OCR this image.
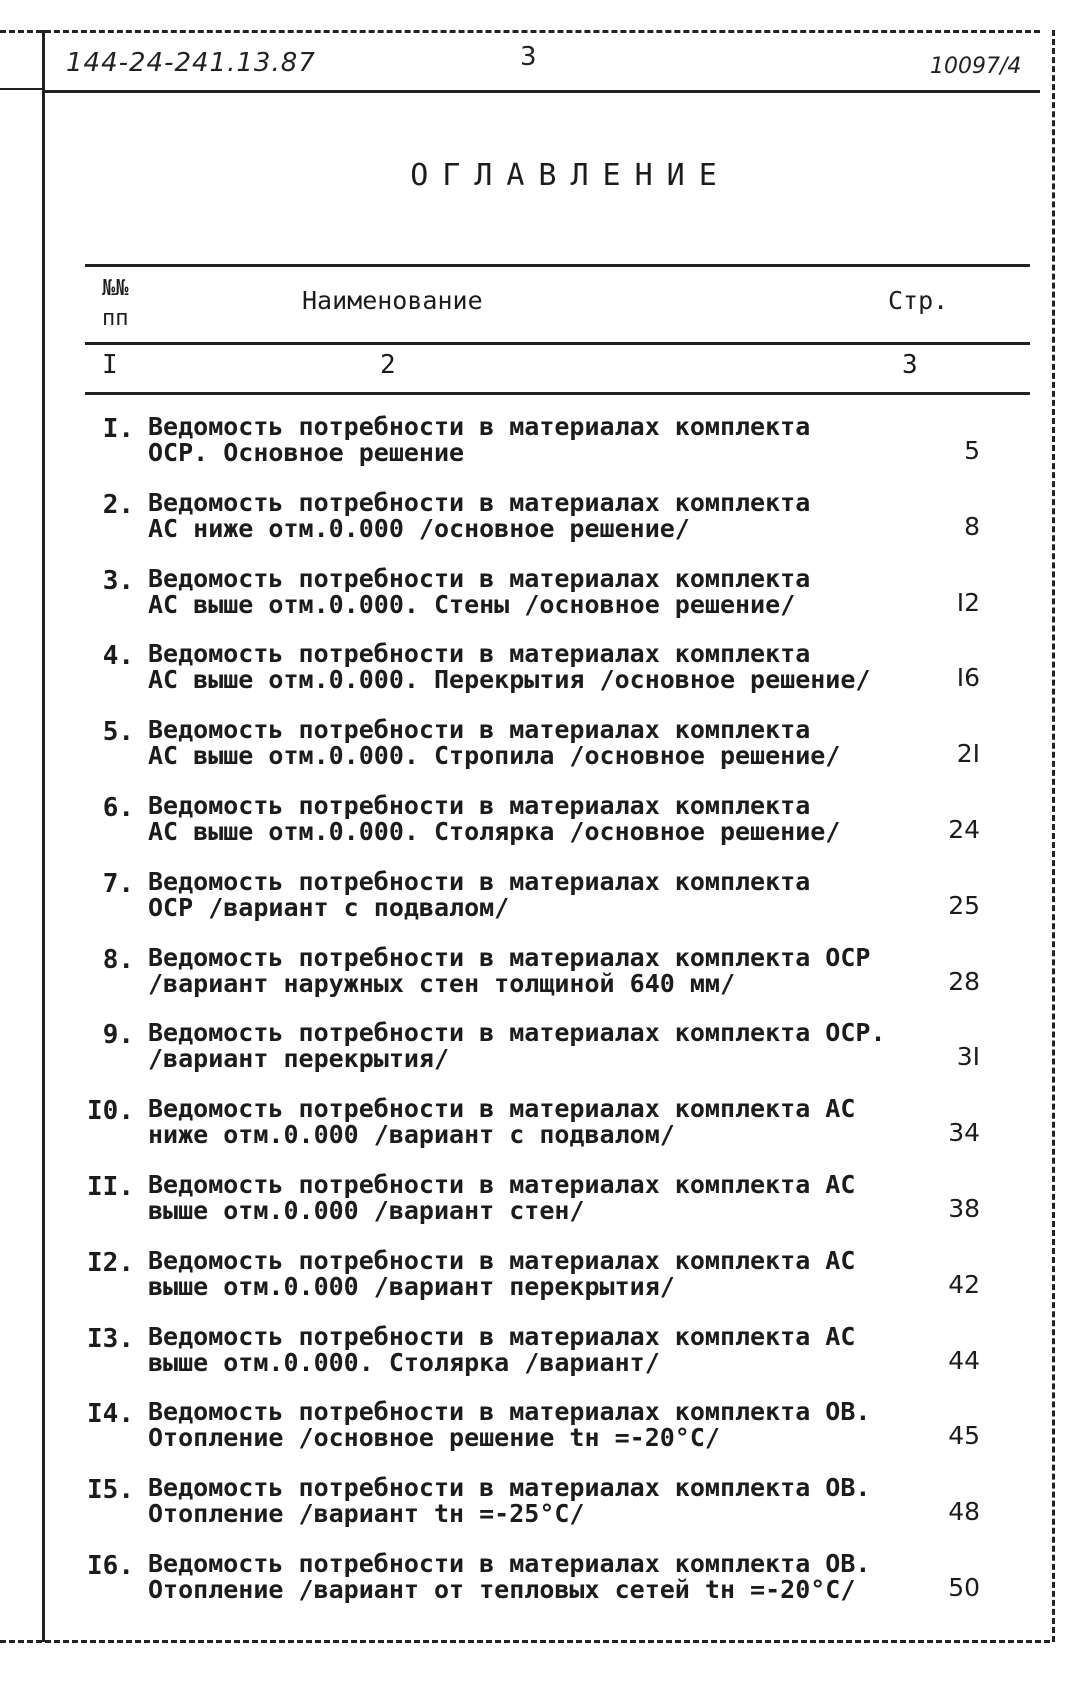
144-24-241.13.87	3	10097/4
ОГЛАВЛЕНИЕ
№№
пп
Наименование	Стр.
I	2	3
I. Ведомость потребности в материалах комплекта
ОСР. Основное решение	5
2. Ведомость потребности в материалах комплекта
АС ниже отм.0.000 /основное решение/	8
3. Ведомость потребности в материалах комплекта
АС выше отм.0.000. Стены /основное решение/	I2
4. Ведомость потребности в материалах комплекта
АС выше отм.0.000. Перекрытия /основное решение/	I6
5. Ведомость потребности в материалах комплекта
АС выше отм.0.000. Стропила /основное решение/	2I
6. Ведомость потребности в материалах комплекта
АС выше отм.0.000. Столярка /основное решение/	24
7. Ведомость потребности в материалах комплекта
ОСР /вариант с подвалом/	25
8. Ведомость потребности в материалах комплекта ОСР
/вариант наружных стен толщиной 640 мм/	28
9. Ведомость потребности в материалах комплекта ОСР.
/вариант перекрытия/	3I
I0. Ведомость потребности в материалах комплекта АС
ниже отм.0.000 /вариант с подвалом/	34
II. Ведомость потребности в материалах комплекта АС
выше отм.0.000 /вариант стен/	38
I2. Ведомость потребности в материалах комплекта АС
выше отм.0.000 /вариант перекрытия/	42
I3. Ведомость потребности в материалах комплекта АС
выше отм.0.000. Столярка /вариант/	44
I4. Ведомость потребности в материалах комплекта ОВ.
Отопление /основное решение tн =-20°С/	45
I5. Ведомость потребности в материалах комплекта ОВ.
Отопление /вариант tн =-25°С/	48
I6. Ведомость потребности в материалах комплекта ОВ.
Отопление /вариант от тепловых сетей tн =-20°С/	50
